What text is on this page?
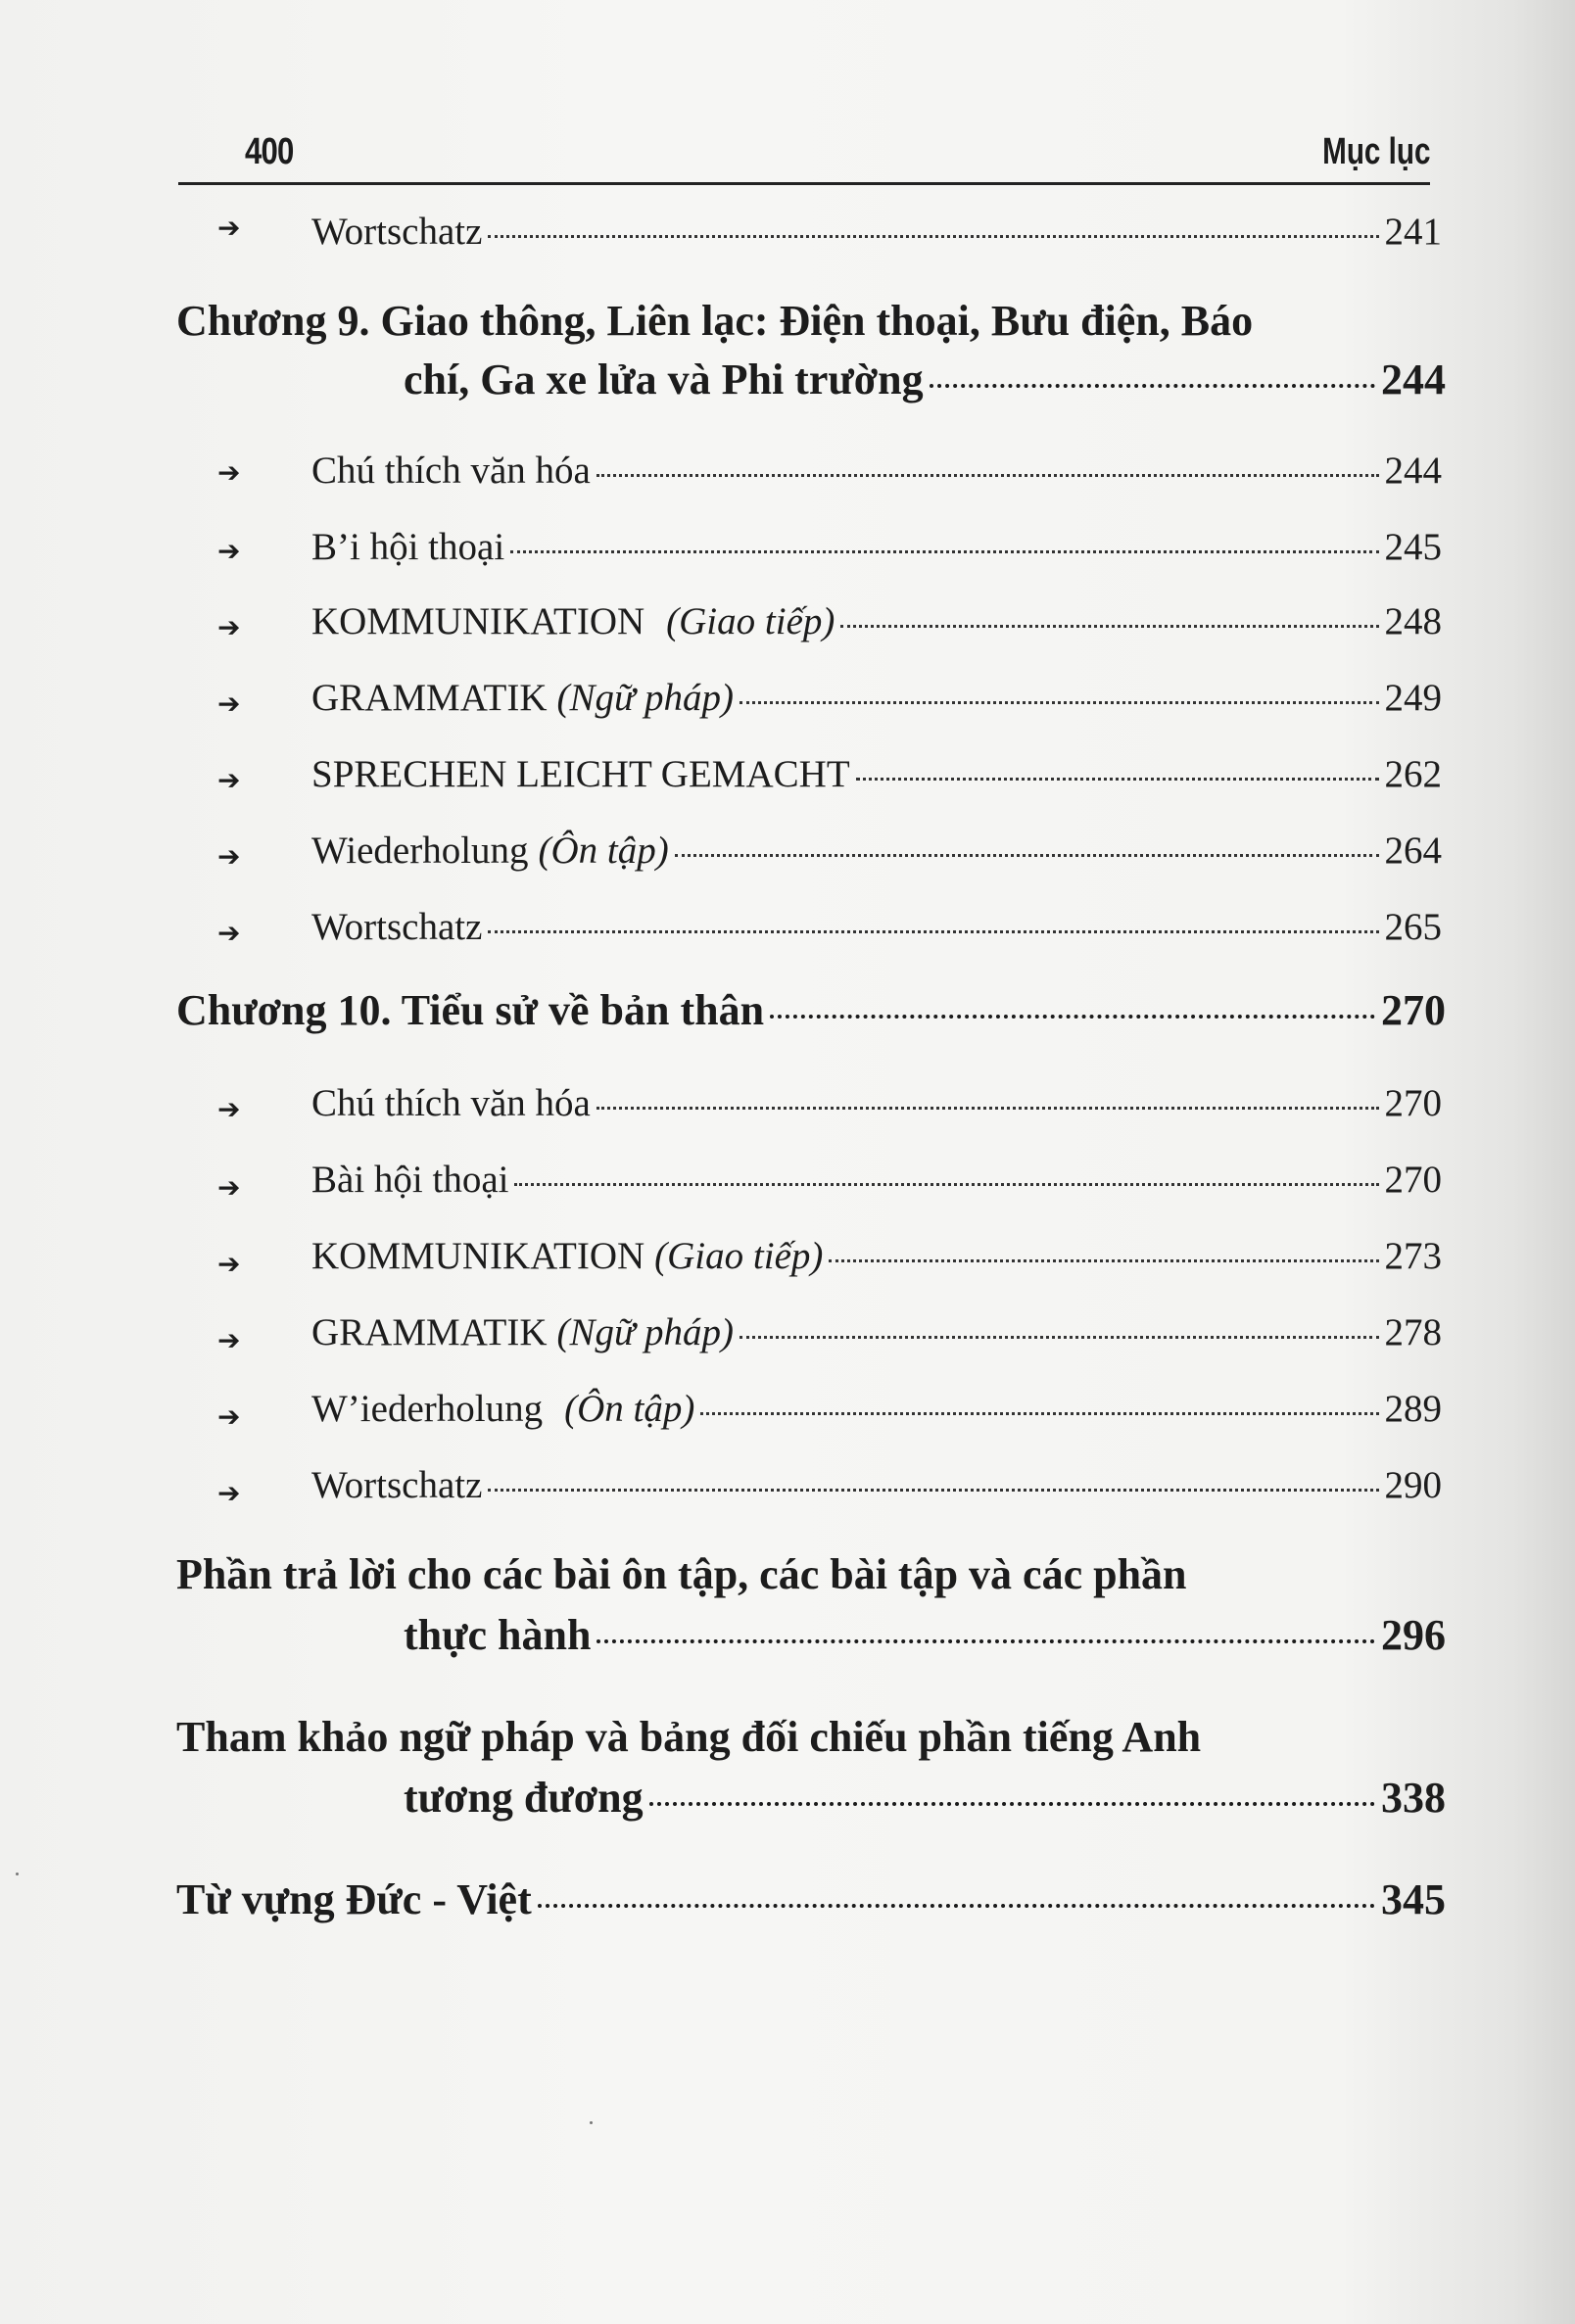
400	Mục lục
➔ Wortschatz	241
Chương 9. Giao thông, Liên lạc: Điện thoại, Bưu điện, Báo
chí, Ga xe lửa và Phi trường	244
➔ Chú thích văn hóa	244
➔ B’i hội thoại	245
➔ KOMMUNIKATION (Giao tiếp)	248
➔ GRAMMATIK (Ngữ pháp)	249
➔ SPRECHEN LEICHT GEMACHT	262
➔ Wiederholung (Ôn tập)	264
➔ Wortschatz	265
Chương 10. Tiểu sử về bản thân	270
➔ Chú thích văn hóa	270
➔ Bài hội thoại	270
➔ KOMMUNIKATION (Giao tiếp)	273
➔ GRAMMATIK (Ngữ pháp)	278
➔ W’iederholung (Ôn tập)	289
➔ Wortschatz	290
Phần trả lời cho các bài ôn tập, các bài tập và các phần
thực hành	296
Tham khảo ngữ pháp và bảng đối chiếu phần tiếng Anh
tương đương	338
Từ vựng Đức - Việt	345
